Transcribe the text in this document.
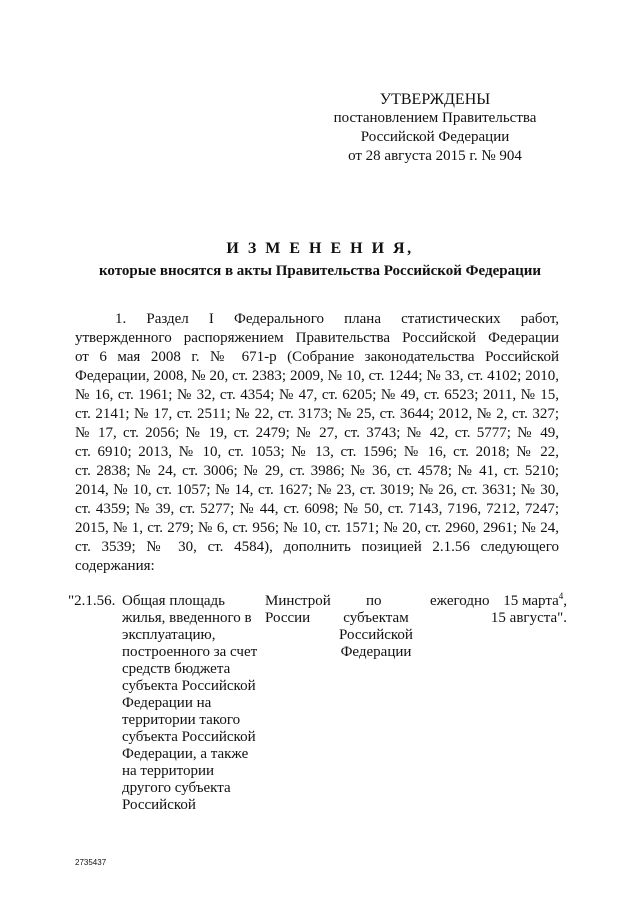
УТВЕРЖДЕНЫ
постановлением Правительства
Российской Федерации
от 28 августа 2015 г. № 904
И З М Е Н Е Н И Я,
которые вносятся в акты Правительства Российской Федерации
1. Раздел I Федерального плана статистических работ,
утвержденного распоряжением Правительства Российской Федерации
от 6 мая 2008 г. № 671-р (Собрание законодательства Российской
Федерации, 2008, № 20, ст. 2383; 2009, № 10, ст. 1244; № 33, ст. 4102; 2010,
№ 16, ст. 1961; № 32, ст. 4354; № 47, ст. 6205; № 49, ст. 6523; 2011, № 15,
ст. 2141; № 17, ст. 2511; № 22, ст. 3173; № 25, ст. 3644; 2012, № 2, ст. 327;
№ 17, ст. 2056; № 19, ст. 2479; № 27, ст. 3743; № 42, ст. 5777; № 49,
ст. 6910; 2013, № 10, ст. 1053; № 13, ст. 1596; № 16, ст. 2018; № 22,
ст. 2838; № 24, ст. 3006; № 29, ст. 3986; № 36, ст. 4578; № 41, ст. 5210;
2014, № 10, ст. 1057; № 14, ст. 1627; № 23, ст. 3019; № 26, ст. 3631; № 30,
ст. 4359; № 39, ст. 5277; № 44, ст. 6098; № 50, ст. 7143, 7196, 7212, 7247;
2015, № 1, ст. 279; № 6, ст. 956; № 10, ст. 1571; № 20, ст. 2960, 2961; № 24,
ст. 3539; № 30, ст. 4584), дополнить позицией 2.1.56 следующего
содержания:
"2.1.56. Общая площадь
жилья, введенного в
эксплуатацию,
построенного за счет
средств бюджета
субъекта Российской
Федерации на
территории такого
субъекта Российской
Федерации, а также
на территории
другого субъекта
Российской
Минстрой
России
по
субъектам
Российской
Федерации
ежегодно 15 марта$^4$,
15 августа".
2735437
